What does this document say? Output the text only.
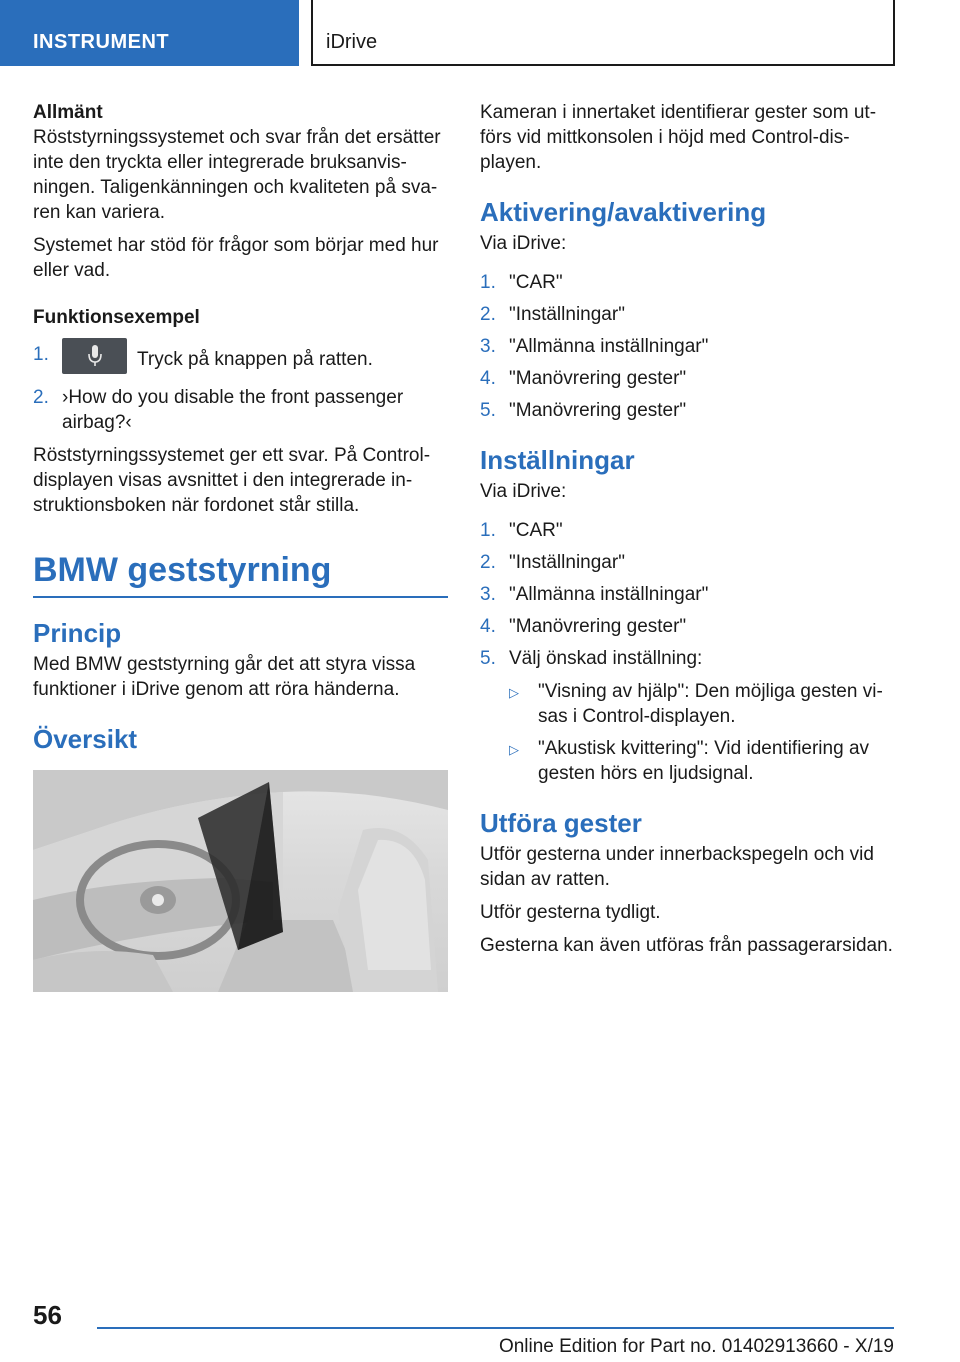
INSTRUMENT	iDrive

Allmänt

Röststyrningssystemet och svar från det ersätter inte den tryckta eller integrerade bruksanvisningen. Taligenkänningen och kvaliteten på svaren kan variera.

Systemet har stöd för frågor som börjar med hur eller vad.

Funktionsexempel

1.	Tryck på knappen på ratten.
2. ›How do you disable the front passenger airbag?‹

Röststyrningssystemet ger ett svar. På Control-displayen visas avsnittet i den integrerade instruktionsboken när fordonet står stilla.

BMW geststyrning
Princip

Med BMW geststyrning går det att styra vissa funktioner i iDrive genom att röra händerna.

Översikt

Kameran i innertaket identifierar gester som utförs vid mittkonsolen i höjd med Control-displayen.

Aktivering/avaktivering

Via iDrive:

1. "CAR"
2. "Inställningar"
3. "Allmänna inställningar"
4. "Manövrering gester"
5. "Manövrering gester"
Inställningar

Via iDrive:

1. "CAR"
2. "Inställningar"
3. "Allmänna inställningar"
4. "Manövrering gester"
5. Välj önskad inställning:
▷	"Visning av hjälp": Den möjliga gesten visas i Control-displayen.
▷	"Akustisk kvittering": Vid identifiering av gesten hörs en ljudsignal.
Utföra gester

Utför gesterna under innerbackspegeln och vid sidan av ratten.

Utför gesterna tydligt.

Gesterna kan även utföras från passagerarsidan.

56
Online Edition for Part no. 01402913660 - X/19
